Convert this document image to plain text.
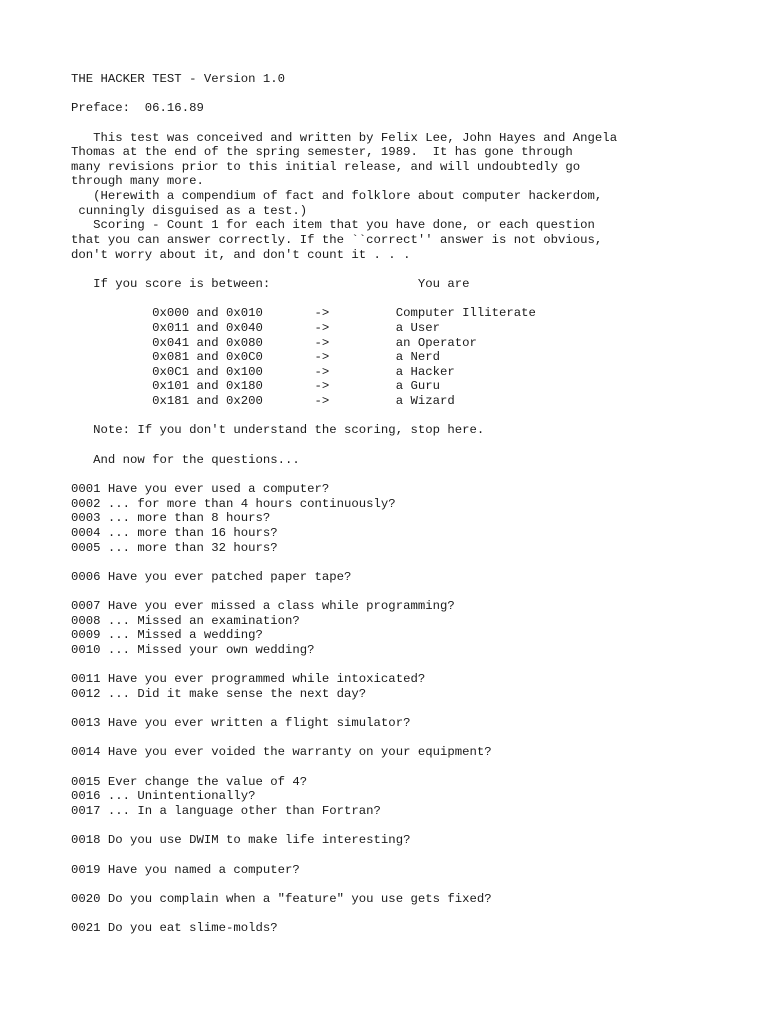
THE HACKER TEST - Version 1.0
Preface:  06.16.89
This test was conceived and written by Felix Lee, John Hayes and Angela
Thomas at the end of the spring semester, 1989.  It has gone through
many revisions prior to this initial release, and will undoubtedly go
through many more.
(Herewith a compendium of fact and folklore about computer hackerdom,
cunningly disguised as a test.)
Scoring - Count 1 for each item that you have done, or each question
that you can answer correctly. If the ``correct'' answer is not obvious,
don't worry about it, and don't count it . . .
If you score is between:                    You are
0x000 and 0x010       ->         Computer Illiterate
0x011 and 0x040       ->         a User
0x041 and 0x080       ->         an Operator
0x081 and 0x0C0       ->         a Nerd
0x0C1 and 0x100       ->         a Hacker
0x101 and 0x180       ->         a Guru
0x181 and 0x200       ->         a Wizard
Note: If you don't understand the scoring, stop here.
And now for the questions...
0001 Have you ever used a computer?
0002 ... for more than 4 hours continuously?
0003 ... more than 8 hours?
0004 ... more than 16 hours?
0005 ... more than 32 hours?
0006 Have you ever patched paper tape?
0007 Have you ever missed a class while programming?
0008 ... Missed an examination?
0009 ... Missed a wedding?
0010 ... Missed your own wedding?
0011 Have you ever programmed while intoxicated?
0012 ... Did it make sense the next day?
0013 Have you ever written a flight simulator?
0014 Have you ever voided the warranty on your equipment?
0015 Ever change the value of 4?
0016 ... Unintentionally?
0017 ... In a language other than Fortran?
0018 Do you use DWIM to make life interesting?
0019 Have you named a computer?
0020 Do you complain when a "feature" you use gets fixed?
0021 Do you eat slime-molds?
